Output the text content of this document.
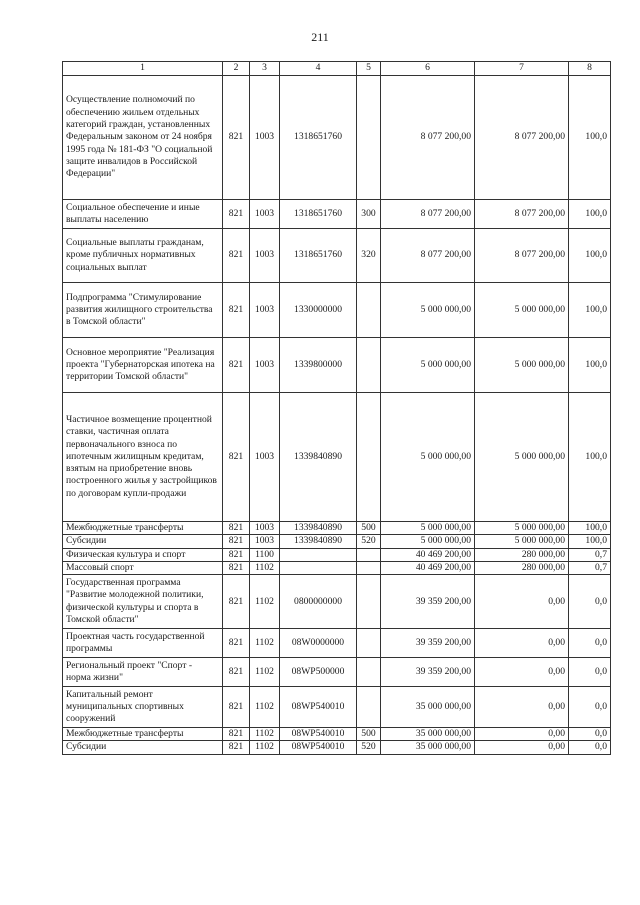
211
1	2	3	4	5	6	7	8
Осуществление полномочий по обеспечению жильем отдельных категорий граждан, установленных Федеральным законом от 24 ноября 1995 года № 181-ФЗ "О социальной защите инвалидов в Российской Федерации"	821	1003	1318651760		8 077 200,00	8 077 200,00	100,0
Социальное обеспечение и иные выплаты населению	821	1003	1318651760	300	8 077 200,00	8 077 200,00	100,0
Социальные выплаты гражданам, кроме публичных нормативных социальных выплат	821	1003	1318651760	320	8 077 200,00	8 077 200,00	100,0
Подпрограмма "Стимулирование развития жилищного строительства в Томской области"	821	1003	1330000000		5 000 000,00	5 000 000,00	100,0
Основное мероприятие "Реализация проекта "Губернаторская ипотека на территории Томской области"	821	1003	1339800000		5 000 000,00	5 000 000,00	100,0
Частичное возмещение процентной ставки, частичная оплата первоначального взноса по ипотечным жилищным кредитам, взятым на приобретение вновь построенного жилья у застройщиков по договорам купли-продажи	821	1003	1339840890		5 000 000,00	5 000 000,00	100,0
Межбюджетные трансферты	821	1003	1339840890	500	5 000 000,00	5 000 000,00	100,0
Субсидии	821	1003	1339840890	520	5 000 000,00	5 000 000,00	100,0
Физическая культура и спорт	821	1100			40 469 200,00	280 000,00	0,7
Массовый спорт	821	1102			40 469 200,00	280 000,00	0,7
Государственная программа "Развитие молодежной политики, физической культуры и спорта в Томской области"	821	1102	0800000000		39 359 200,00	0,00	0,0
Проектная часть государственной программы	821	1102	08W0000000		39 359 200,00	0,00	0,0
Региональный проект "Спорт - норма жизни"	821	1102	08WP500000		39 359 200,00	0,00	0,0
Капитальный ремонт муниципальных спортивных сооружений	821	1102	08WP540010		35 000 000,00	0,00	0,0
Межбюджетные трансферты	821	1102	08WP540010	500	35 000 000,00	0,00	0,0
Субсидии	821	1102	08WP540010	520	35 000 000,00	0,00	0,0
